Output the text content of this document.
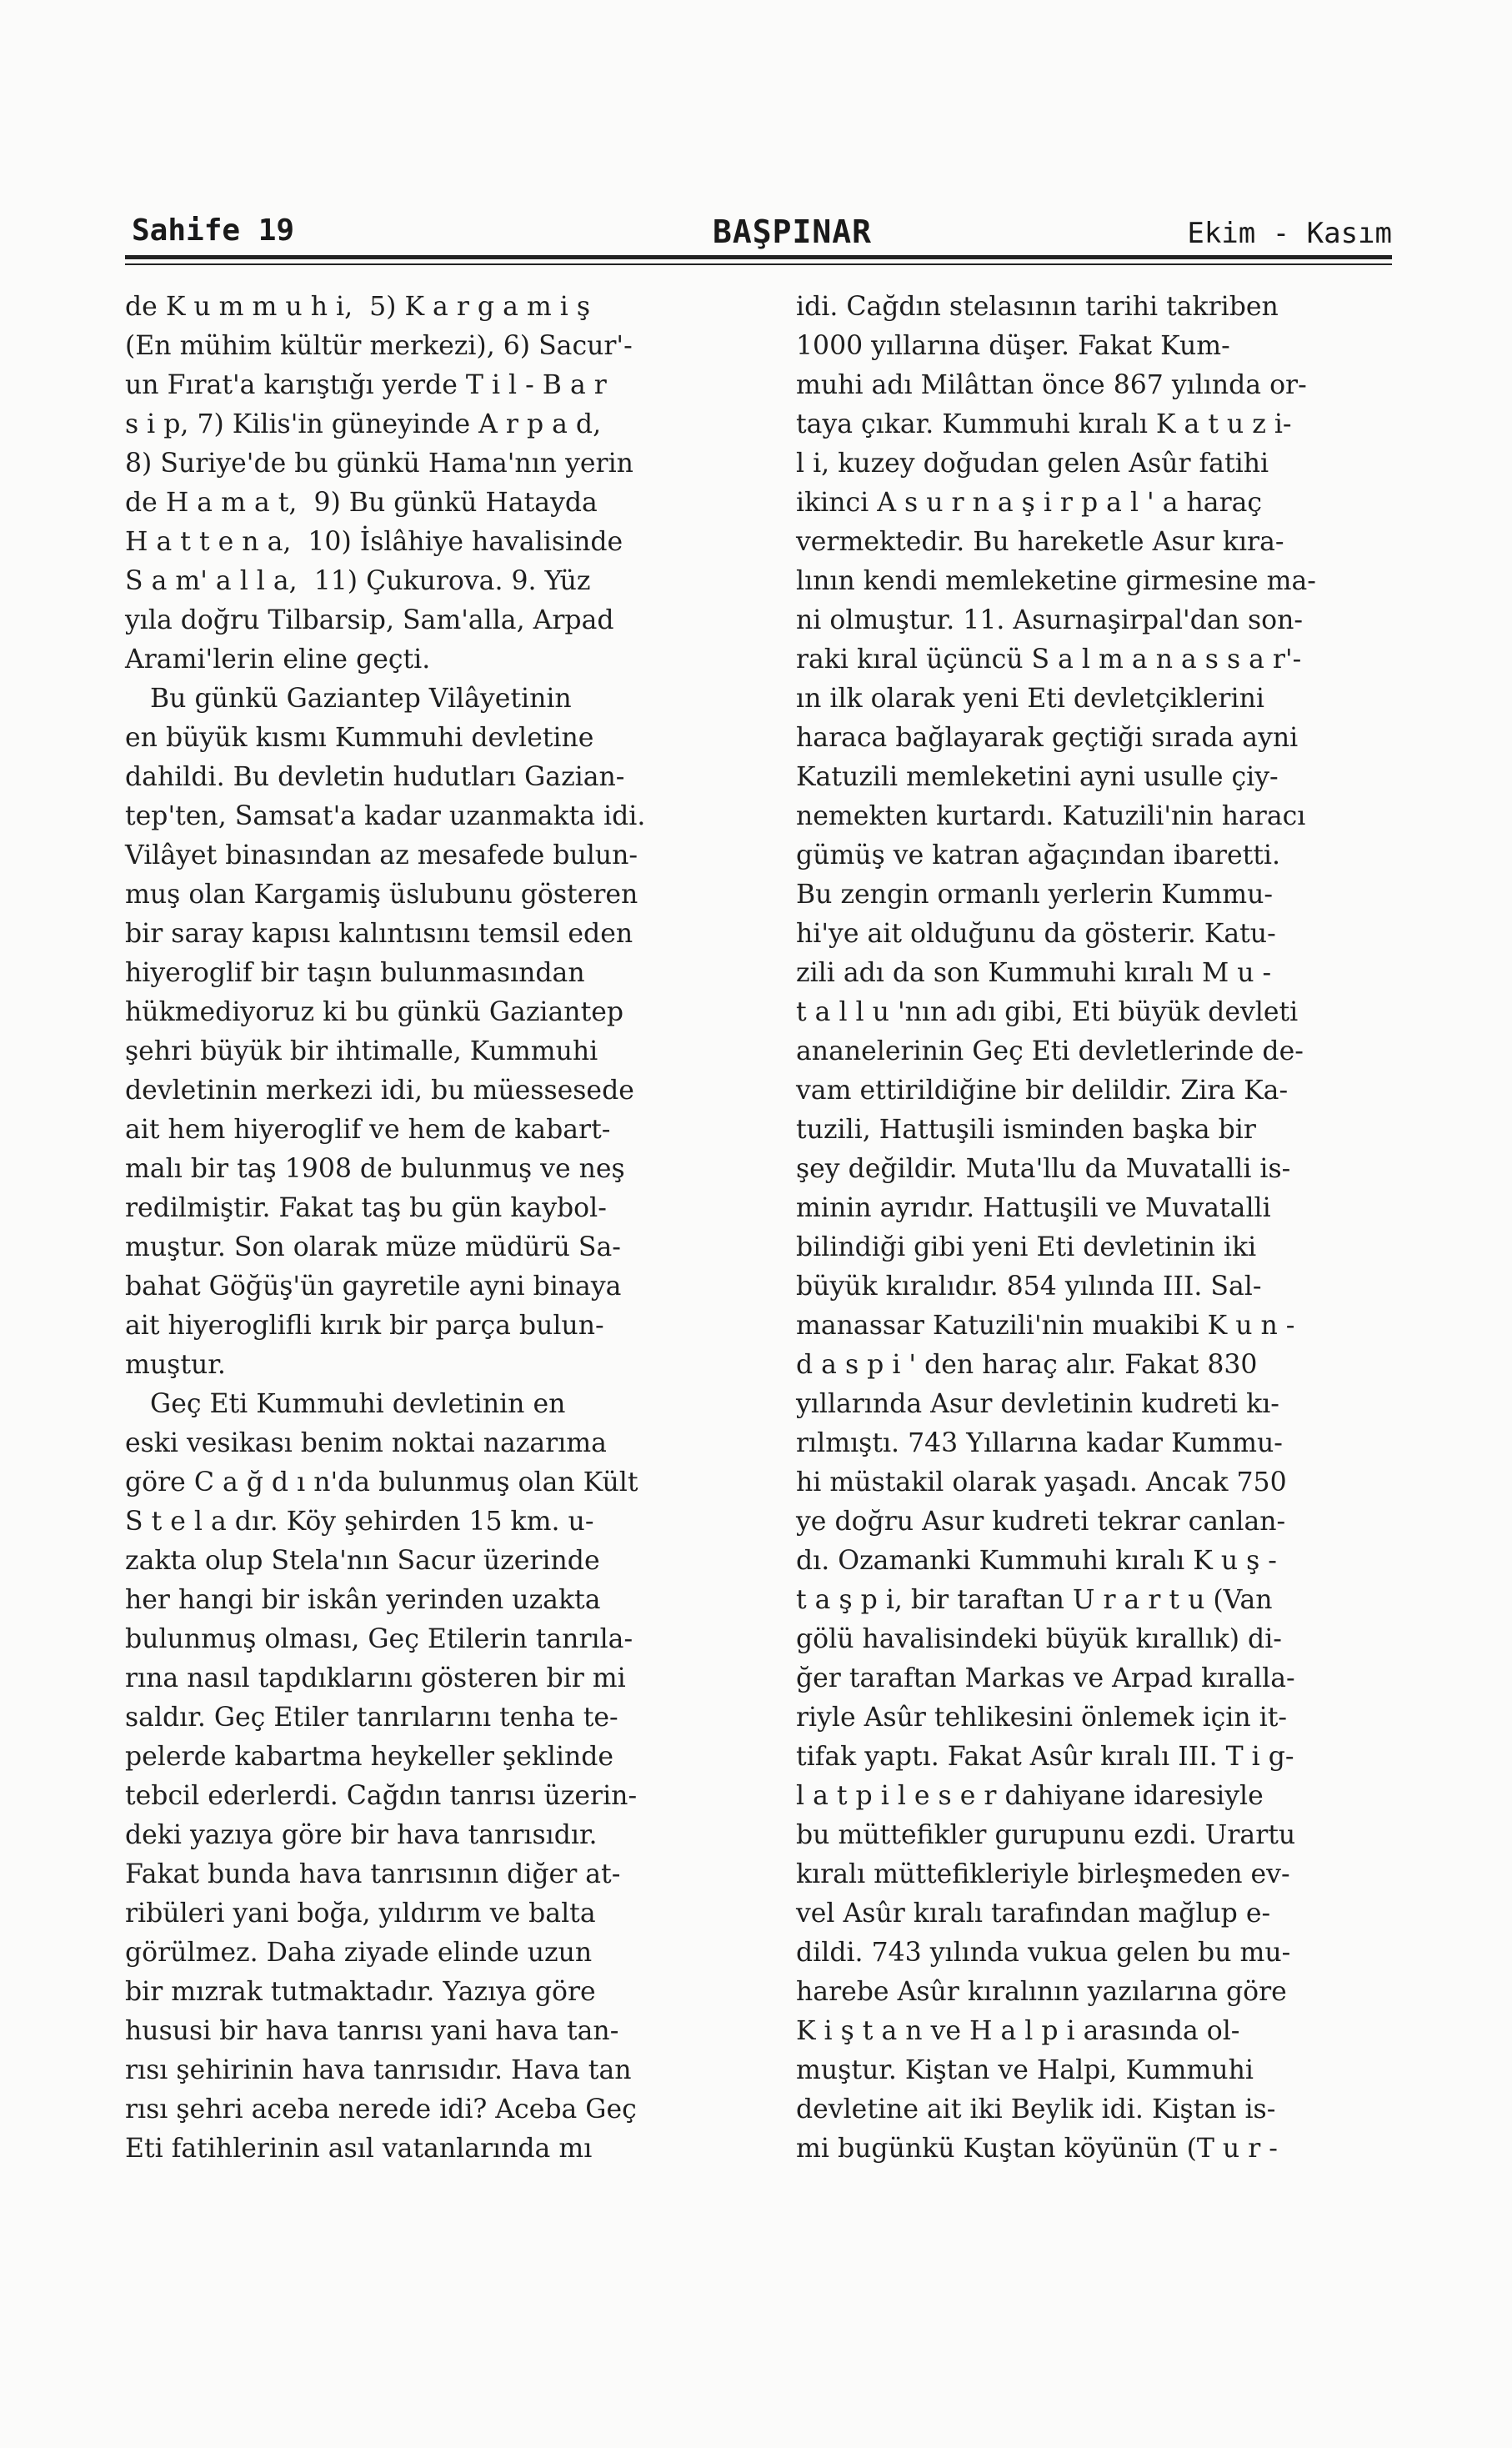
Sahife 19	BAŞPINAR	Ekim - Kasım
de K u m m u h i,  5) K a r g a m i ş
(En mühim kültür merkezi), 6) Sacur'-
un Fırat'a karıştığı yerde T i l - B a r
s i p, 7) Kilis'in güneyinde A r p a d,
8) Suriye'de bu günkü Hama'nın yerin
de H a m a t,  9) Bu günkü Hatayda
H a t t e n a,  10) İslâhiye havalisinde
S a m' a l l a,  11) Çukurova. 9. Yüz
yıla doğru Tilbarsip, Sam'alla, Arpad
Arami'lerin eline geçti.
Bu günkü Gaziantep Vilâyetinin
en büyük kısmı Kummuhi devletine
dahildi. Bu devletin hudutları Gazian-
tep'ten, Samsat'a kadar uzanmakta idi.
Vilâyet binasından az mesafede bulun-
muş olan Kargamiş üslubunu gösteren
bir saray kapısı kalıntısını temsil eden
hiyeroglif bir taşın bulunmasından
hükmediyoruz ki bu günkü Gaziantep
şehri büyük bir ihtimalle, Kummuhi
devletinin merkezi idi, bu müessesede
ait hem hiyeroglif ve hem de kabart-
malı bir taş 1908 de bulunmuş ve neş
redilmiştir. Fakat taş bu gün kaybol-
muştur. Son olarak müze müdürü Sa-
bahat Göğüş'ün gayretile ayni binaya
ait hiyeroglifli kırık bir parça bulun-
muştur.
Geç Eti Kummuhi devletinin en
eski vesikası benim noktai nazarıma
göre C a ğ d ı n'da bulunmuş olan Kült
S t e l a dır. Köy şehirden 15 km. u-
zakta olup Stela'nın Sacur üzerinde
her hangi bir iskân yerinden uzakta
bulunmuş olması, Geç Etilerin tanrıla-
rına nasıl tapdıklarını gösteren bir mi
saldır. Geç Etiler tanrılarını tenha te-
pelerde kabartma heykeller şeklinde
tebcil ederlerdi. Cağdın tanrısı üzerin-
deki yazıya göre bir hava tanrısıdır.
Fakat bunda hava tanrısının diğer at-
ribüleri yani boğa, yıldırım ve balta
görülmez. Daha ziyade elinde uzun
bir mızrak tutmaktadır. Yazıya göre
hususi bir hava tanrısı yani hava tan-
rısı şehirinin hava tanrısıdır. Hava tan
rısı şehri aceba nerede idi? Aceba Geç
Eti fatihlerinin asıl vatanlarında mı
idi. Cağdın stelasının tarihi takriben
1000 yıllarına düşer. Fakat Kum-
muhi adı Milâttan önce 867 yılında or-
taya çıkar. Kummuhi kıralı K a t u z i-
l i, kuzey doğudan gelen Asûr fatihi
ikinci A s u r n a ş i r p a l ' a haraç
vermektedir. Bu hareketle Asur kıra-
lının kendi memleketine girmesine ma-
ni olmuştur. 11. Asurnaşirpal'dan son-
raki kıral üçüncü S a l m a n a s s a r'-
ın ilk olarak yeni Eti devletçiklerini
haraca bağlayarak geçtiği sırada ayni
Katuzili memleketini ayni usulle çiy-
nemekten kurtardı. Katuzili'nin haracı
gümüş ve katran ağaçından ibaretti.
Bu zengin ormanlı yerlerin Kummu-
hi'ye ait olduğunu da gösterir. Katu-
zili adı da son Kummuhi kıralı M u -
t a l l u 'nın adı gibi, Eti büyük devleti
ananelerinin Geç Eti devletlerinde de-
vam ettirildiğine bir delildir. Zira Ka-
tuzili, Hattuşili isminden başka bir
şey değildir. Muta'llu da Muvatalli is-
minin ayrıdır. Hattuşili ve Muvatalli
bilindiği gibi yeni Eti devletinin iki
büyük kıralıdır. 854 yılında III. Sal-
manassar Katuzili'nin muakibi K u n -
d a s p i ' den haraç alır. Fakat 830
yıllarında Asur devletinin kudreti kı-
rılmıştı. 743 Yıllarına kadar Kummu-
hi müstakil olarak yaşadı. Ancak 750
ye doğru Asur kudreti tekrar canlan-
dı. Ozamanki Kummuhi kıralı K u ş -
t a ş p i, bir taraftan U r a r t u (Van
gölü havalisindeki büyük kırallık) di-
ğer taraftan Markas ve Arpad kıralla-
riyle Asûr tehlikesini önlemek için it-
tifak yaptı. Fakat Asûr kıralı III. T i g-
l a t p i l e s e r dahiyane idaresiyle
bu müttefikler gurupunu ezdi. Urartu
kıralı müttefikleriyle birleşmeden ev-
vel Asûr kıralı tarafından mağlup e-
dildi. 743 yılında vukua gelen bu mu-
harebe Asûr kıralının yazılarına göre
K i ş t a n ve H a l p i arasında ol-
muştur. Kiştan ve Halpi, Kummuhi
devletine ait iki Beylik idi. Kiştan is-
mi bugünkü Kuştan köyünün (T u r -
